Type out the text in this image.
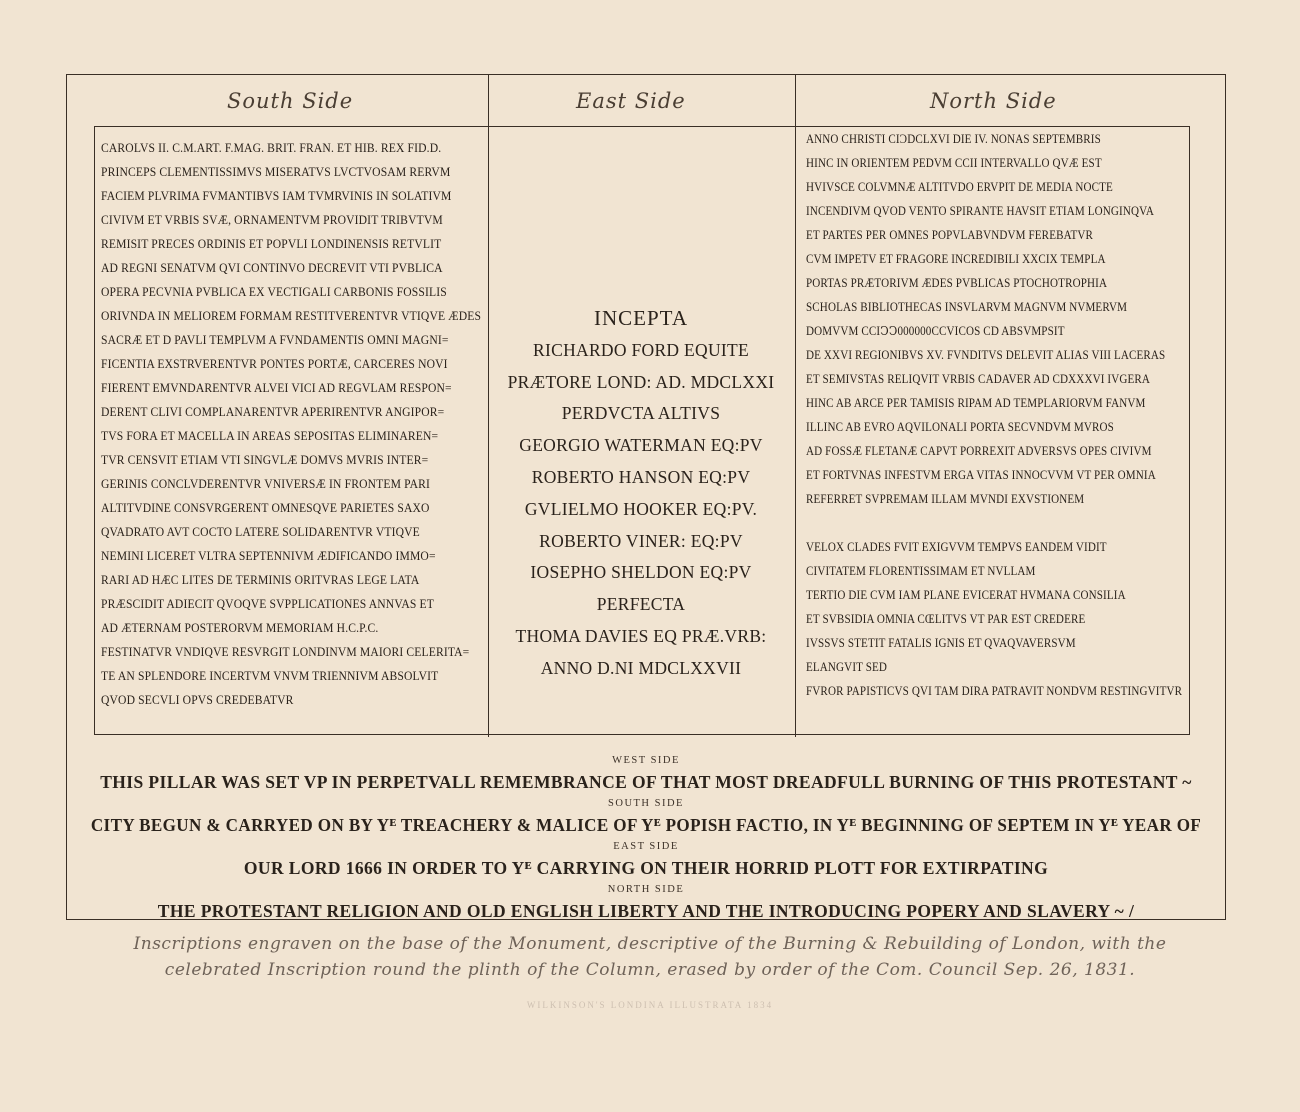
South Side	East Side	North Side
CAROLVS II. C.M.ART. F.MAG. BRIT. FRAN. ET HIB. REX FID.D.
PRINCEPS CLEMENTISSIMVS MISERATVS LVCTVOSAM RERVM
FACIEM PLVRIMA FVMANTIBVS IAM TVMRVINIS IN SOLATIVM
CIVIVM ET VRBIS SVÆ, ORNAMENTVM PROVIDIT TRIBVTVM
REMISIT PRECES ORDINIS ET POPVLI LONDINENSIS RETVLIT
AD REGNI SENATVM QVI CONTINVO DECREVIT VTI PVBLICA
OPERA PECVNIA PVBLICA EX VECTIGALI CARBONIS FOSSILIS
ORIVNDA IN MELIOREM FORMAM RESTITVERENTVR VTIQVE ÆDES
SACRÆ ET D PAVLI TEMPLVM A FVNDAMENTIS OMNI MAGNI=
FICENTIA EXSTRVERENTVR PONTES PORTÆ, CARCERES NOVI
FIERENT EMVNDARENTVR ALVEI VICI AD REGVLAM RESPON=
DERENT CLIVI COMPLANARENTVR APERIRENTVR ANGIPOR=
TVS FORA ET MACELLA IN AREAS SEPOSITAS ELIMINAREN=
TVR CENSVIT ETIAM VTI SINGVLÆ DOMVS MVRIS INTER=
GERINIS CONCLVDERENTVR VNIVERSÆ IN FRONTEM PARI
ALTITVDINE CONSVRGERENT OMNESQVE PARIETES SAXO
QVADRATO AVT COCTO LATERE SOLIDARENTVR VTIQVE
NEMINI LICERET VLTRA SEPTENNIVM ÆDIFICANDO IMMO=
RARI AD HÆC LITES DE TERMINIS ORITVRAS LEGE LATA
PRÆSCIDIT ADIECIT QVOQVE SVPPLICATIONES ANNVAS ET
AD ÆTERNAM POSTERORVM MEMORIAM H.C.P.C.
FESTINATVR VNDIQVE RESVRGIT LONDINVM MAIORI CELERITA=
TE AN SPLENDORE INCERTVM VNVM TRIENNIVM ABSOLVIT
QVOD SECVLI OPVS CREDEBATVR
INCEPTA
RICHARDO FORD EQUITE
PRÆTORE LOND: AD. MDCLXXI
PERDVCTA ALTIVS
GEORGIO WATERMAN EQ:PV
ROBERTO HANSON EQ:PV
GVLIELMO HOOKER EQ:PV.
ROBERTO VINER: EQ:PV
IOSEPHO SHELDON EQ:PV
PERFECTA
THOMA DAVIES EQ PRÆ.VRB:
ANNO D.NI MDCLXXVII
ANNO CHRISTI CIƆDCLXVI DIE IV. NONAS SEPTEMBRIS
HINC IN ORIENTEM PEDVM CCII INTERVALLO QVÆ EST
HVIVSCE COLVMNÆ ALTITVDO ERVPIT DE MEDIA NOCTE
INCENDIVM QVOD VENTO SPIRANTE HAVSIT ETIAM LONGINQVA
ET PARTES PER OMNES POPVLABVNDVM FEREBATVR
CVM IMPETV ET FRAGORE INCREDIBILI XXCIX TEMPLA
PORTAS PRÆTORIVM ÆDES PVBLICAS PTOCHOTROPHIA
SCHOLAS BIBLIOTHECAS INSVLARVM MAGNVM NVMERVM
DOMVVM CCIↃↃ000000CCVICOS CD ABSVMPSIT
DE XXVI REGIONIBVS XV. FVNDITVS DELEVIT ALIAS VIII LACERAS
ET SEMIVSTAS RELIQVIT VRBIS CADAVER AD CDXXXVI IVGERA
HINC AB ARCE PER TAMISIS RIPAM AD TEMPLARIORVM FANVM
ILLINC AB EVRO AQVILONALI PORTA SECVNDVM MVROS
AD FOSSÆ FLETANÆ CAPVT PORREXIT ADVERSVS OPES CIVIVM
ET FORTVNAS INFESTVM ERGA VITAS INNOCVVM VT PER OMNIA
REFERRET SVPREMAM ILLAM MVNDI EXVSTIONEM
VELOX CLADES FVIT EXIGVVM TEMPVS EANDEM VIDIT
CIVITATEM FLORENTISSIMAM ET NVLLAM
TERTIO DIE CVM IAM PLANE EVICERAT HVMANA CONSILIA
ET SVBSIDIA OMNIA CŒLITVS VT PAR EST CREDERE
IVSSVS STETIT FATALIS IGNIS ET QVAQVAVERSVM
ELANGVIT SED
FVROR PAPISTICVS QVI TAM DIRA PATRAVIT NONDVM RESTINGVITVR
WEST SIDE
THIS PILLAR WAS SET VP IN PERPETVALL REMEMBRANCE OF THAT MOST DREADFULL BURNING OF THIS PROTESTANT ~
SOUTH SIDE
CITY BEGUN & CARRYED ON BY Yᴱ TREACHERY & MALICE OF Yᴱ POPISH FACTIO, IN Yᴱ BEGINNING OF SEPTEM IN Yᴱ YEAR OF
EAST SIDE
OUR LORD 1666 IN ORDER TO Yᴱ CARRYING ON THEIR HORRID PLOTT FOR EXTIRPATING
NORTH SIDE
THE PROTESTANT RELIGION AND OLD ENGLISH LIBERTY AND THE INTRODUCING POPERY AND SLAVERY ~ /
Inscriptions engraven on the base of the Monument, descriptive of the Burning & Rebuilding of London, with the
celebrated Inscription round the plinth of the Column, erased by order of the Com. Council Sep. 26, 1831.
WILKINSON'S LONDINA ILLUSTRATA 1834
